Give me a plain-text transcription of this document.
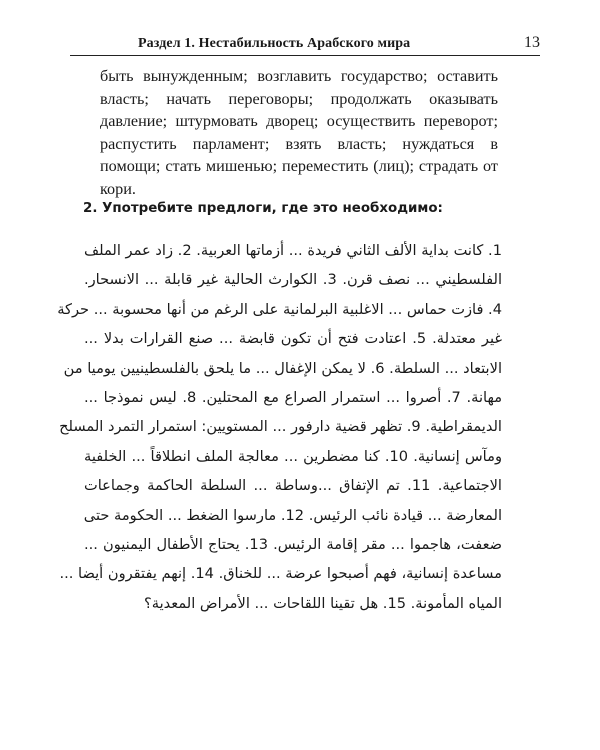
Раздел 1. Нестабильность Арабского мира	13

быть вынужденным; возглавить государство; оставить власть; начать переговоры; продолжать оказывать давление; штурмовать дворец; осуществить переворот; распустить парламент; взять власть; нуждаться в помощи; стать мишенью; переместить (лиц); страдать от кори.

2. Употребите предлоги, где это необходимо:

1. كانت بداية الألف الثاني فريدة ... أزماتها العربية. 2. زاد عمر الملف
الفلسطيني ... نصف قرن. 3. الكوارث الحالية غير قابلة ... الانسحار.
4. فازت حماس ... الاغلبية البرلمانية على الرغم من أنها محسوبة ... حركة
غير معتدلة. 5. اعتادت فتح أن تكون قابضة ... صنع القرارات بدلا ...
الابتعاد ... السلطة. 6. لا يمكن الإغفال ... ما يلحق بالفلسطينيين يوميا من
مهانة. 7. أصروا ... استمرار الصراع مع المحتلين. 8. ليس نموذجا ...
الديمقراطية. 9. تظهر قضية دارفور ... المستويين: استمرار التمرد المسلح
ومآس إنسانية. 10. كنا مضطرين ... معالجة الملف انطلاقاً ... الخلفية
الاجتماعية. 11. تم الإتفاق ...وساطة ... السلطة الحاكمة وجماعات
المعارضة ... قيادة نائب الرئيس. 12. مارسوا الضغط ... الحكومة حتى
ضعفت، هاجموا ... مقر إقامة الرئيس. 13. يحتاج الأطفال اليمنيون ...
مساعدة إنسانية، فهم أصبحوا عرضة ... للخناق. 14. إنهم يفتقرون أيضا ...
المياه المأمونة. 15. هل تقينا اللقاحات ... الأمراض المعدية؟
